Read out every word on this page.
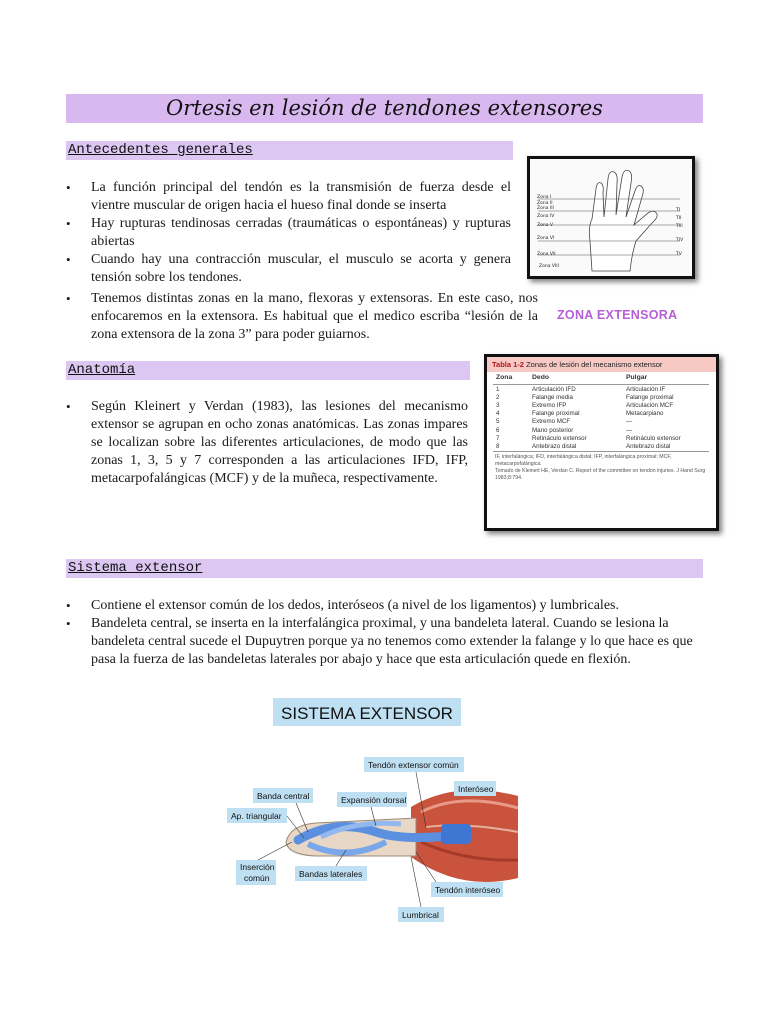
Ortesis en lesión de tendones extensores
Antecedentes generales
• La función principal del tendón es la transmisión de fuerza desde el vientre muscular de origen hacia el hueso final donde se inserta
• Hay rupturas tendinosas cerradas (traumáticas o espontáneas) y rupturas abiertas
• Cuando hay una contracción muscular, el musculo se acorta y genera tensión sobre los tendones.
• Tenemos distintas zonas en la mano, flexoras y extensoras. En este caso, nos enfocaremos en la extensora. Es habitual que el medico escriba “lesión de la zona extensora de la zona 3” para poder guiarnos.
Zona I
Zona II
Zona III
Zona IV
Zona V
Zona VI
Zona VII
Zona VIII
TI
TII
TIII
TIV
TV
ZONA EXTENSORA
Anatomía
• Según Kleinert y Verdan (1983), las lesiones del mecanismo extensor se agrupan en ocho zonas anatómicas. Las zonas impares se localizan sobre las diferentes articulaciones, de modo que las zonas 1, 3, 5 y 7 corresponden a las articulaciones IFD, IFP, metacarpofalángicas (MCF) y de la muñeca, respectivamente.
Tabla 1-2 Zonas de lesión del mecanismo extensor
Zona	Dedo	Pulgar
1	Articulación IFD	Articulación IF
2	Falange media	Falange proximal
3	Extremo IFP	Articulación MCF
4	Falange proximal	Metacarpiano
5	Extremo MCF	—
6	Mano posterior	—
7	Retináculo extensor	Retináculo extensor
8	Antebrazo distal	Antebrazo distal
IF, interfalángica; IFD, interfalángica distal; IFP, interfalángica proximal; MCF, metacarpofalángica.
Tomado de Kleinert HE, Verdan C. Report of the committee on tendon injuries. J Hand Surg 1983;8:794.
Sistema extensor
• Contiene el extensor común de los dedos, interóseos (a nivel de los ligamentos) y lumbricales.
• Bandeleta central, se inserta en la interfalángica proximal, y una bandeleta lateral. Cuando se lesiona la bandeleta central sucede el Dupuytren porque ya no tenemos como extender la falange y lo que hace es que pasa la fuerza de las bandeletas laterales por abajo y hace que esta articulación quede en flexión.
SISTEMA EXTENSOR
Banda central
Ap. triangular
Expansión dorsal
Tendón extensor común
Interóseo
Inserción
común	Bandas laterales
Tendón interóseo
Lumbrical
